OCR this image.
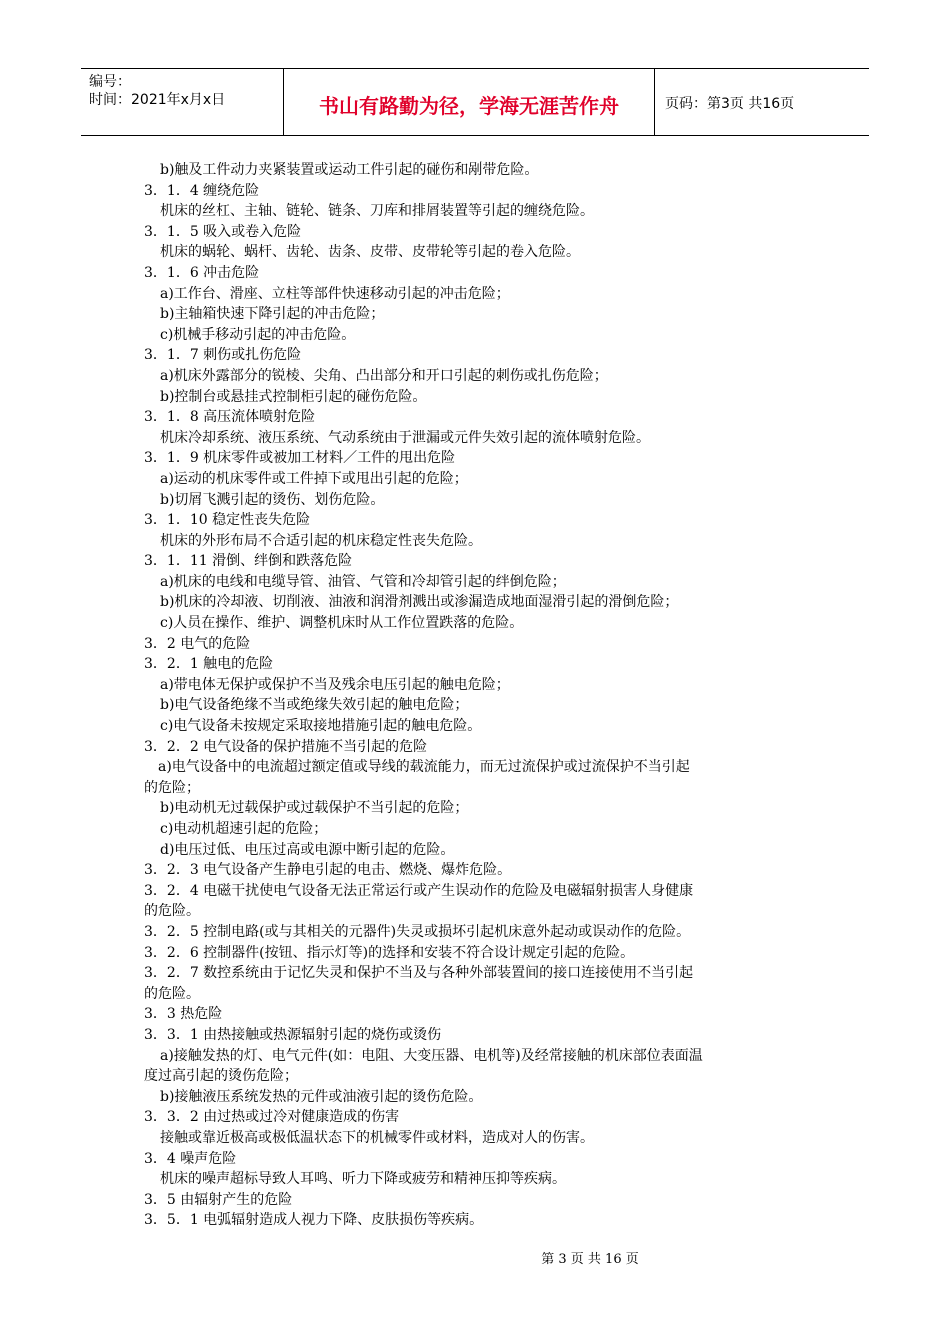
编号：
时间：2021年x月x日	书山有路勤为径，学海无涯苦作舟	页码：第3页 共16页
b)触及工件动力夹紧装置或运动工件引起的碰伤和剐带危险。
3．1．4 缠绕危险
机床的丝杠、主轴、链轮、链条、刀库和排屑装置等引起的缠绕危险。
3．1．5 吸入或卷入危险
机床的蜗轮、蜗杆、齿轮、齿条、皮带、皮带轮等引起的卷入危险。
3．1．6 冲击危险
a)工作台、滑座、立柱等部件快速移动引起的冲击危险；
b)主轴箱快速下降引起的冲击危险；
c)机械手移动引起的冲击危险。
3．1．7 刺伤或扎伤危险
a)机床外露部分的锐棱、尖角、凸出部分和开口引起的刺伤或扎伤危险；
b)控制台或悬挂式控制柜引起的碰伤危险。
3．1．8 高压流体喷射危险
机床冷却系统、液压系统、气动系统由于泄漏或元件失效引起的流体喷射危险。
3．1．9 机床零件或被加工材料／工件的甩出危险
a)运动的机床零件或工件掉下或甩出引起的危险；
b)切屑飞溅引起的烫伤、划伤危险。
3．1．10 稳定性丧失危险
机床的外形布局不合适引起的机床稳定性丧失危险。
3．1．11 滑倒、绊倒和跌落危险
a)机床的电线和电缆导管、油管、气管和冷却管引起的绊倒危险；
b)机床的冷却液、切削液、油液和润滑剂溅出或渗漏造成地面湿滑引起的滑倒危险；
c)人员在操作、维护、调整机床时从工作位置跌落的危险。
3．2 电气的危险
3．2．1 触电的危险
a)带电体无保护或保护不当及残余电压引起的触电危险；
b)电气设备绝缘不当或绝缘失效引起的触电危险；
c)电气设备未按规定采取接地措施引起的触电危险。
3．2．2 电气设备的保护措施不当引起的危险
　a)电气设备中的电流超过额定值或导线的载流能力，而无过流保护或过流保护不当引起
的危险；
b)电动机无过载保护或过载保护不当引起的危险；
c)电动机超速引起的危险；
d)电压过低、电压过高或电源中断引起的危险。
3．2．3 电气设备产生静电引起的电击、燃烧、爆炸危险。
3．2．4 电磁干扰使电气设备无法正常运行或产生误动作的危险及电磁辐射损害人身健康
的危险。
3．2．5 控制电路(或与其相关的元器件)失灵或损坏引起机床意外起动或误动作的危险。
3．2．6 控制器件(按钮、指示灯等)的选择和安装不符合设计规定引起的危险。
3．2．7 数控系统由于记忆失灵和保护不当及与各种外部装置间的接口连接使用不当引起
的危险。
3．3 热危险
3．3．1 由热接触或热源辐射引起的烧伤或烫伤
a)接触发热的灯、电气元件(如：电阻、大变压器、电机等)及经常接触的机床部位表面温
度过高引起的烫伤危险；
b)接触液压系统发热的元件或油液引起的烫伤危险。
3．3．2 由过热或过冷对健康造成的伤害
接触或靠近极高或极低温状态下的机械零件或材料，造成对人的伤害。
3．4 噪声危险
机床的噪声超标导致人耳鸣、听力下降或疲劳和精神压抑等疾病。
3．5 由辐射产生的危险
3．5．1 电弧辐射造成人视力下降、皮肤损伤等疾病。
第 3 页 共 16 页
